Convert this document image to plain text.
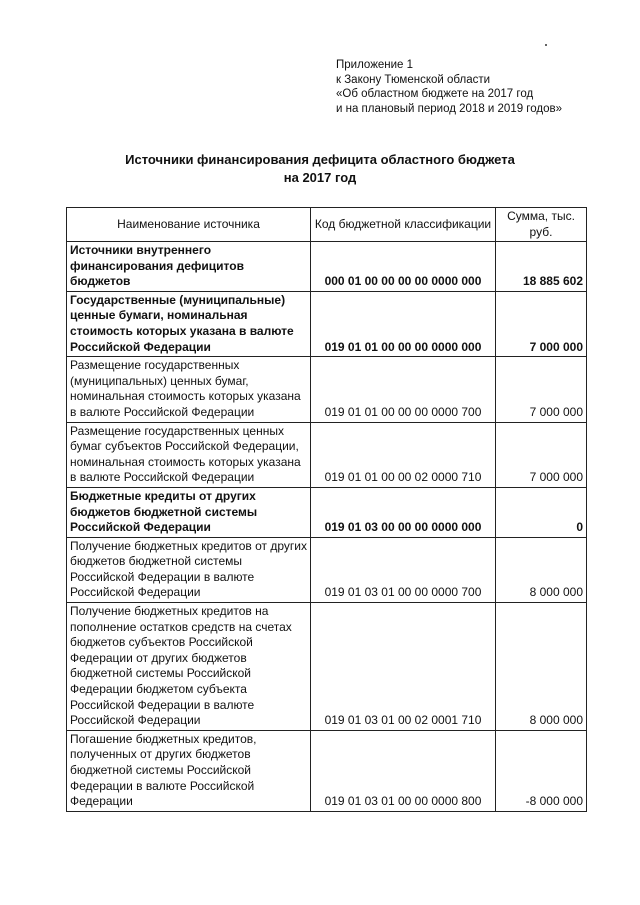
Приложение 1
к Закону Тюменской области
«Об областном бюджете на 2017 год
и на плановый период 2018 и 2019 годов»
Источники финансирования дефицита областного бюджета
на 2017 год
Наименование источника	Код бюджетной классификации	Сумма, тыс. руб.
Источники внутреннего финансирования дефицитов бюджетов	000 01 00 00 00 00 0000 000	18 885 602
Государственные (муниципальные) ценные бумаги, номинальная стоимость которых указана в валюте Российской Федерации	019 01 01 00 00 00 0000 000	7 000 000
Размещение государственных (муниципальных) ценных бумаг, номинальная стоимость которых указана в валюте Российской Федерации	019 01 01 00 00 00 0000 700	7 000 000
Размещение государственных ценных бумаг субъектов Российской Федерации, номинальная стоимость которых указана в валюте Российской Федерации	019 01 01 00 00 02 0000 710	7 000 000
Бюджетные кредиты от других бюджетов бюджетной системы Российской Федерации	019 01 03 00 00 00 0000 000	0
Получение бюджетных кредитов от других бюджетов бюджетной системы Российской Федерации в валюте Российской Федерации	019 01 03 01 00 00 0000 700	8 000 000
Получение бюджетных кредитов на пополнение остатков средств на счетах бюджетов субъектов Российской Федерации от других бюджетов бюджетной системы Российской Федерации бюджетом субъекта Российской Федерации в валюте Российской Федерации	019 01 03 01 00 02 0001 710	8 000 000
Погашение бюджетных кредитов, полученных от других бюджетов бюджетной системы Российской Федерации в валюте Российской Федерации	019 01 03 01 00 00 0000 800	-8 000 000
